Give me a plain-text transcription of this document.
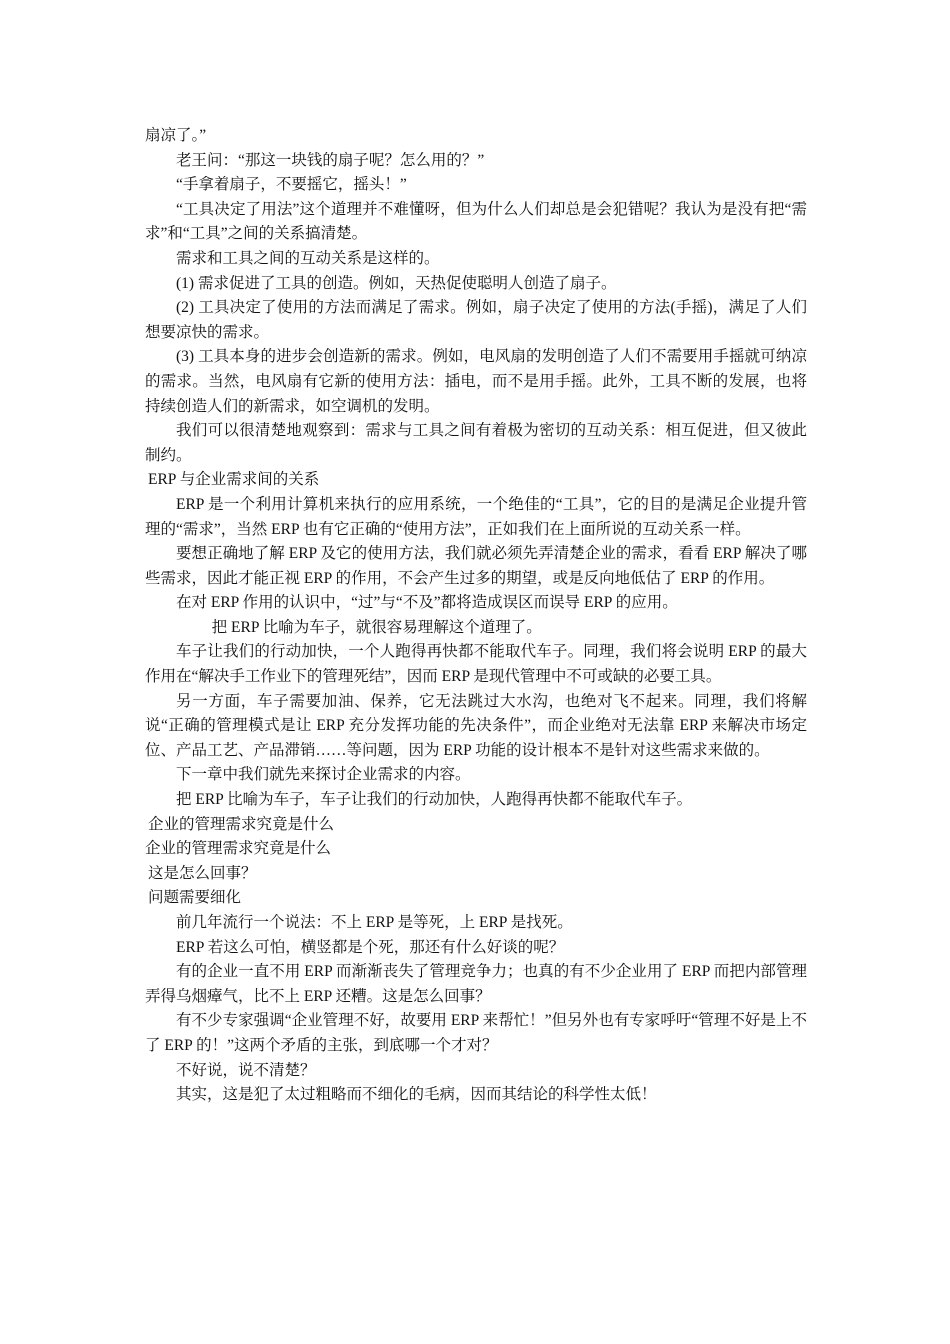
扇凉了。”

老王问：“那这一块钱的扇子呢？怎么用的？”

“手拿着扇子，不要摇它，摇头！”

“工具决定了用法”这个道理并不难懂呀，但为什么人们却总是会犯错呢？我认为是没有把“需求”和“工具”之间的关系搞清楚。

需求和工具之间的互动关系是这样的。

(1) 需求促进了工具的创造。例如，天热促使聪明人创造了扇子。

(2) 工具决定了使用的方法而满足了需求。例如，扇子决定了使用的方法(手摇)，满足了人们想要凉快的需求。

(3) 工具本身的进步会创造新的需求。例如，电风扇的发明创造了人们不需要用手摇就可纳凉的需求。当然，电风扇有它新的使用方法：插电，而不是用手摇。此外，工具不断的发展，也将持续创造人们的新需求，如空调机的发明。

我们可以很清楚地观察到：需求与工具之间有着极为密切的互动关系：相互促进，但又彼此制约。

ERP 与企业需求间的关系

ERP 是一个利用计算机来执行的应用系统，一个绝佳的“工具”，它的目的是满足企业提升管理的“需求”，当然 ERP 也有它正确的“使用方法”，正如我们在上面所说的互动关系一样。

要想正确地了解 ERP 及它的使用方法，我们就必须先弄清楚企业的需求，看看 ERP 解决了哪些需求，因此才能正视 ERP 的作用，不会产生过多的期望，或是反向地低估了 ERP 的作用。

在对 ERP 作用的认识中，“过”与“不及”都将造成误区而误导 ERP 的应用。

把 ERP 比喻为车子，就很容易理解这个道理了。

车子让我们的行动加快，一个人跑得再快都不能取代车子。同理，我们将会说明 ERP 的最大作用在“解决手工作业下的管理死结”，因而 ERP 是现代管理中不可或缺的必要工具。

另一方面，车子需要加油、保养，它无法跳过大水沟，也绝对飞不起来。同理，我们将解说“正确的管理模式是让 ERP 充分发挥功能的先决条件”，而企业绝对无法靠 ERP 来解决市场定位、产品工艺、产品滞销……等问题，因为 ERP 功能的设计根本不是针对这些需求来做的。

下一章中我们就先来探讨企业需求的内容。

把 ERP 比喻为车子，车子让我们的行动加快，人跑得再快都不能取代车子。

企业的管理需求究竟是什么

企业的管理需求究竟是什么

这是怎么回事？

问题需要细化

前几年流行一个说法：不上 ERP 是等死，上 ERP 是找死。

ERP 若这么可怕，横竖都是个死，那还有什么好谈的呢？

有的企业一直不用 ERP 而渐渐丧失了管理竞争力；也真的有不少企业用了 ERP 而把内部管理弄得乌烟瘴气，比不上 ERP 还糟。这是怎么回事？

有不少专家强调“企业管理不好，故要用 ERP 来帮忙！”但另外也有专家呼吁“管理不好是上不了 ERP 的！”这两个矛盾的主张，到底哪一个才对？

不好说，说不清楚？

其实，这是犯了太过粗略而不细化的毛病，因而其结论的科学性太低！
